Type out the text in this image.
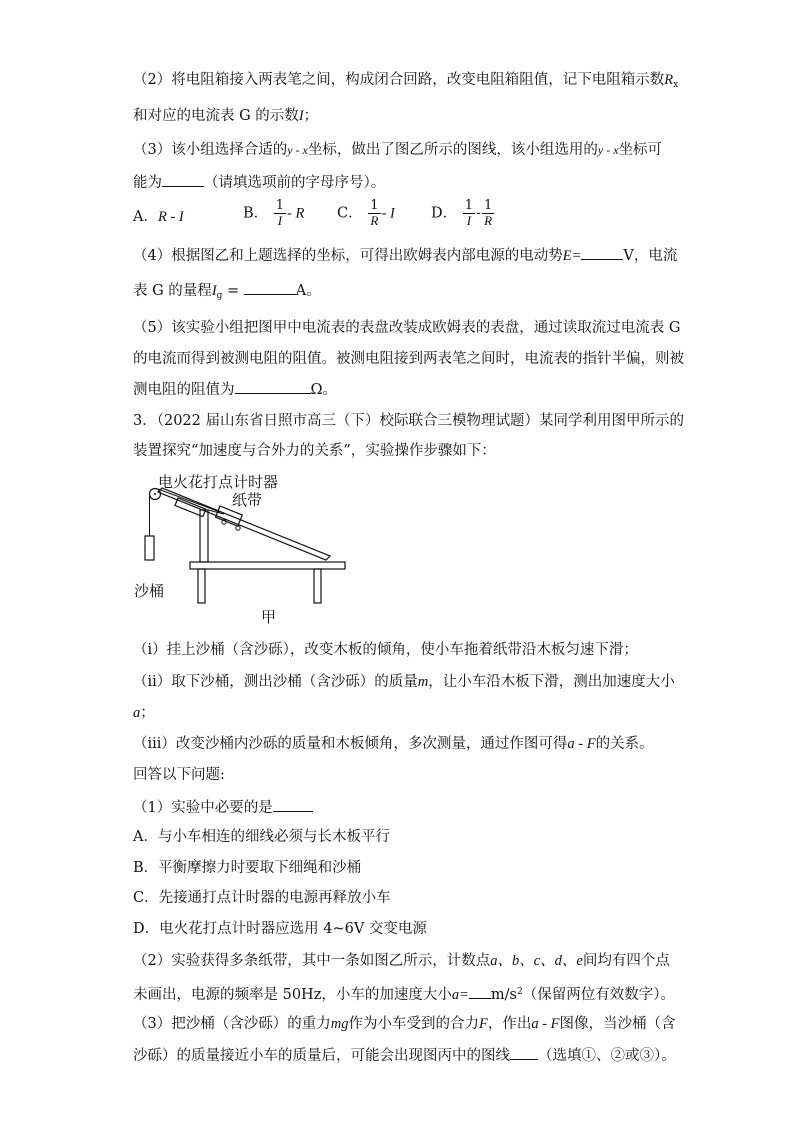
（2）将电阻箱接入两表笔之间，构成闭合回路，改变电阻箱阻值，记下电阻箱示数$R_x$
和对应的电流表 G 的示数I；
（3）该小组选择合适的y - x坐标，做出了图乙所示的图线，该小组选用的y - x坐标可
能为	（请填选项前的字母序号）。
A．R - I	B． $\frac{1}{I}$ - R C． $\frac{1}{R}$ - I D． $\frac{1}{I} - \frac{1}{R}$
（4）根据图乙和上题选择的坐标，可得出欧姆表内部电源的电动势E=	V，电流
表 G 的量程$I_g$ =	A。
（5）该实验小组把图甲中电流表的表盘改装成欧姆表的表盘，通过读取流过电流表 G
的电流而得到被测电阻的阻值。被测电阻接到两表笔之间时，电流表的指针半偏，则被
测电阻的阻值为	Ω。
3．（2022 届山东省日照市高三（下）校际联合三模物理试题）某同学利用图甲所示的
装置探究“加速度与合外力的关系”，实验操作步骤如下：
电火花打点计时器
纸带
沙桶
甲
（i）挂上沙桶（含沙砾），改变木板的倾角，使小车拖着纸带沿木板匀速下滑；
（ii）取下沙桶，测出沙桶（含沙砾）的质量m，让小车沿木板下滑，测出加速度大小
a；
（iii）改变沙桶内沙砾的质量和木板倾角，多次测量，通过作图可得a - F的关系。
回答以下问题:
（1）实验中必要的是
A．与小车相连的细线必须与长木板平行
B．平衡摩擦力时要取下细绳和沙桶
C．先接通打点计时器的电源再释放小车
D．电火花打点计时器应选用 4~6V 交变电源
（2）实验获得多条纸带，其中一条如图乙所示，计数点a、b、c、d、e间均有四个点
未画出，电源的频率是 50Hz，小车的加速度大小$a= m/s^2$（保留两位有效数字）。
（3）把沙桶（含沙砾）的重力mg作为小车受到的合力F，作出a - F图像，当沙桶（含
沙砾）的质量接近小车的质量后，可能会出现图丙中的图线 （选填①、②或③）。
